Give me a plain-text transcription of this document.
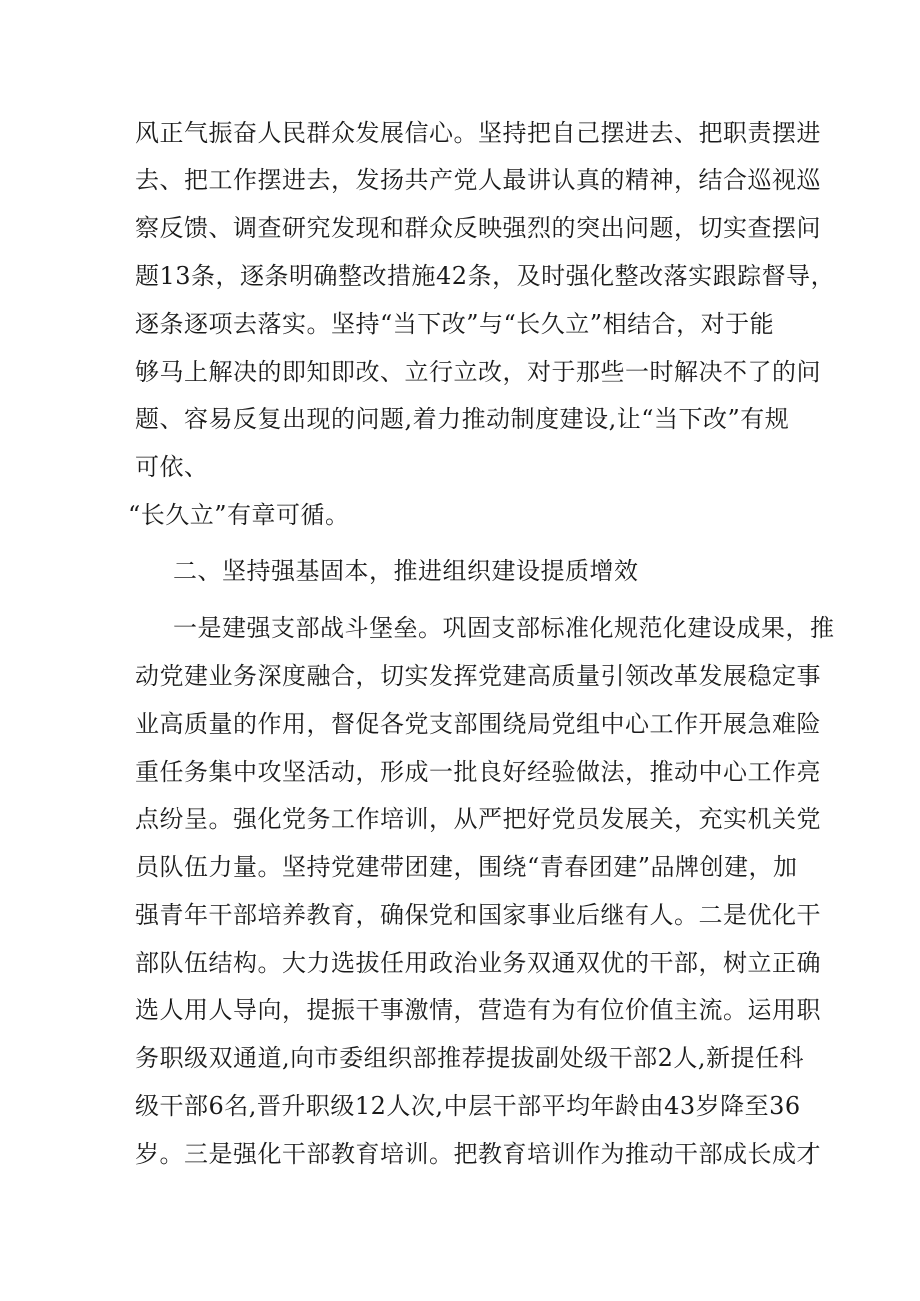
风正气振奋人民群众发展信心。坚持把自己摆进去、把职责摆进
去、把工作摆进去，发扬共产党人最讲认真的精神，结合巡视巡
察反馈、调查研究发现和群众反映强烈的突出问题，切实查摆问
题13条，逐条明确整改措施42条，及时强化整改落实跟踪督导，
逐条逐项去落实。坚持“当下改”与“长久立”相结合，对于能
够马上解决的即知即改、立行立改，对于那些一时解决不了的问
题、容易反复出现的问题,着力推动制度建设,让“当下改”有规
可依、
“长久立”有章可循。
二、坚持强基固本，推进组织建设提质增效
一是建强支部战斗堡垒。巩固支部标准化规范化建设成果，推
动党建业务深度融合，切实发挥党建高质量引领改革发展稳定事
业高质量的作用，督促各党支部围绕局党组中心工作开展急难险
重任务集中攻坚活动，形成一批良好经验做法，推动中心工作亮
点纷呈。强化党务工作培训，从严把好党员发展关，充实机关党
员队伍力量。坚持党建带团建，围绕“青春团建”品牌创建，加
强青年干部培养教育，确保党和国家事业后继有人。二是优化干
部队伍结构。大力选拔任用政治业务双通双优的干部，树立正确
选人用人导向，提振干事激情，营造有为有位价值主流。运用职
务职级双通道,向市委组织部推荐提拔副处级干部2人,新提任科
级干部6名,晋升职级12人次,中层干部平均年龄由43岁降至36
岁。三是强化干部教育培训。把教育培训作为推动干部成长成才
